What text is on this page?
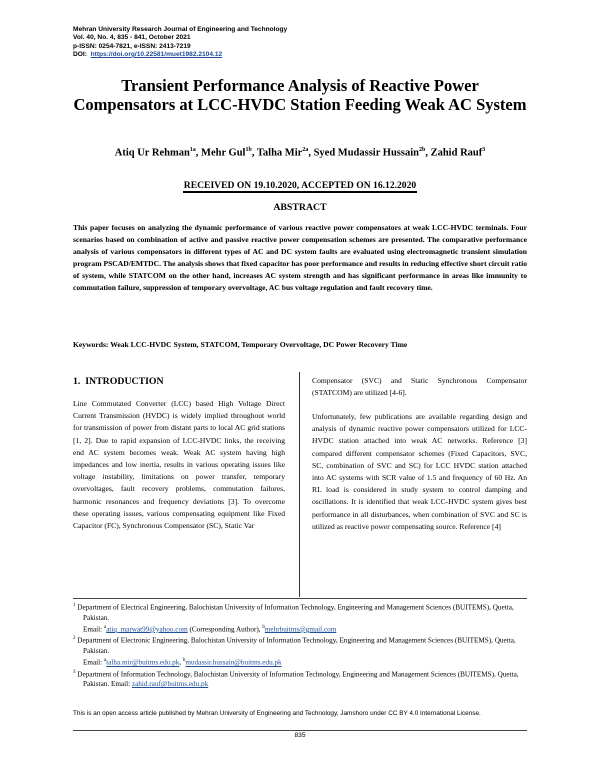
Mehran University Research Journal of Engineering and Technology
Vol. 40, No. 4, 835 - 841, October 2021
p-ISSN: 0254-7821, e-ISSN: 2413-7219
DOI: https://doi.org/10.22581/muet1982.2104.12
Transient Performance Analysis of Reactive Power Compensators at LCC-HVDC Station Feeding Weak AC System
Atiq Ur Rehman$^{1a}$, Mehr Gul$^{1b}$, Talha Mir$^{2a}$, Syed Mudassir Hussain$^{2b}$, Zahid Rauf$^3$
RECEIVED ON 19.10.2020, ACCEPTED ON 16.12.2020
ABSTRACT
This paper focuses on analyzing the dynamic performance of various reactive power compensators at weak LCC-HVDC terminals. Four scenarios based on combination of active and passive reactive power compensation schemes are presented. The comparative performance analysis of various compensators in different types of AC and DC system faults are evaluated using electromagnetic transient simulation program PSCAD/EMTDC. The analysis shows that fixed capacitor has poor performance and results in reducing effective short circuit ratio of system, while STATCOM on the other hand, increases AC system strength and has significant performance in areas like immunity to commutation failure, suppression of temporary overvoltage, AC bus voltage regulation and fault recovery time.
Keywords: Weak LCC-HVDC System, STATCOM, Temporary Overvoltage, DC Power Recovery Time
1.  INTRODUCTION
Line Commutated Converter (LCC) based High Voltage Direct Current Transmission (HVDC) is widely implied throughout world for transmission of power from distant parts to local AC grid stations [1, 2]. Due to rapid expansion of LCC-HVDC links, the receiving end AC system becomes weak. Weak AC system having high impedances and low inertia, results in various operating issues like voltage instability, limitations on power transfer, temporary overvoltages, fault recovery problems, commutation failures, harmonic resonances and frequency deviations [3]. To overcome these operating issues, various compensating equipment like Fixed Capacitor (FC), Synchronous Compensator (SC), Static Var
Compensator (SVC) and Static Synchronous Compensator (STATCOM) are utilized [4-6].
Unfortunately, few publications are available regarding design and analysis of dynamic reactive power compensators utilized for LCC-HVDC station attached into weak AC networks. Reference [3] compared different compensator schemes (Fixed Capacitors, SVC, SC, combination of SVC and SC) for LCC HVDC station attached into AC systems with SCR value of 1.5 and frequency of 60 Hz. An RL load is considered in study system to control damping and oscillations. It is identified that weak LCC-HVDC system gives best performance in all disturbances, when combination of SVC and SC is utilized as reactive power compensating source. Reference [4]
$^1$ Department of Electrical Engineering, Balochistan University of Information Technology, Engineering and Management Sciences (BUITEMS), Quetta, Pakistan.
Email: $^a$atiq_marwat99@yahoo.com (Corresponding Author), $^b$mehrbuitms@gmail.com
$^2$ Department of Electronic Engineering, Balochistan University of Information Technology, Engineering and Management Sciences (BUITEMS), Quetta, Pakistan.
Email: $^a$talha.mir@buitms.edu.pk, $^b$mudassir.hussain@buitms.edu.pk
$^3$ Department of Information Technology, Balochistan University of Information Technology, Engineering and Management Sciences (BUITEMS), Quetta, Pakistan. Email: zahid.rauf@buitms.edu.pk
This is an open access article published by Mehran University of Engineering and Technology, Jamshoro under CC BY 4.0 International License.
835
